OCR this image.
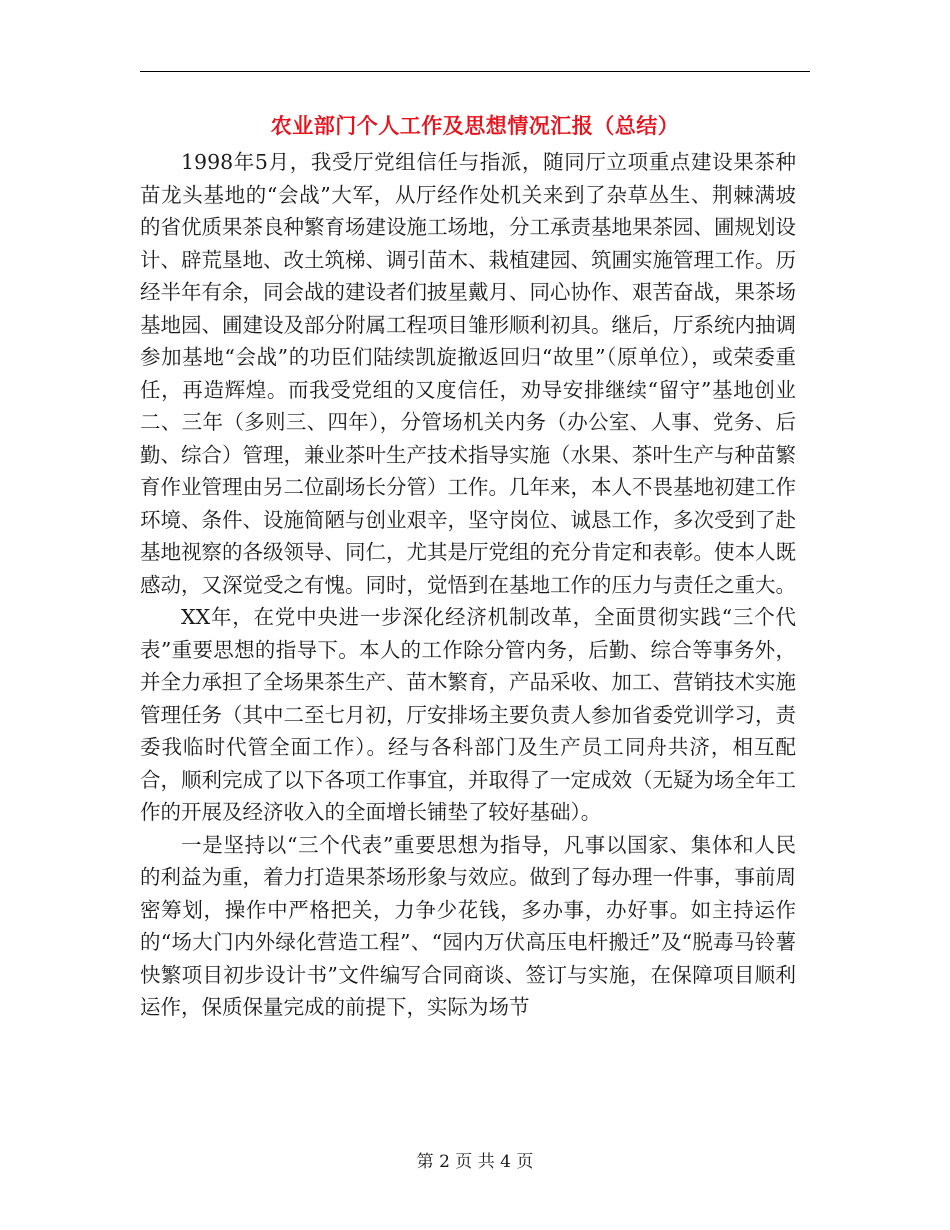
农业部门个人工作及思想情况汇报（总结）

1998年5月，我受厅党组信任与指派，随同厅立项重点建设果茶种苗龙头基地的“会战”大军，从厅经作处机关来到了杂草丛生、荆棘满坡的省优质果茶良种繁育场建设施工场地，分工承责基地果茶园、圃规划设计、辟荒垦地、改土筑梯、调引苗木、栽植建园、筑圃实施管理工作。历经半年有余，同会战的建设者们披星戴月、同心协作、艰苦奋战，果茶场基地园、圃建设及部分附属工程项目雏形顺利初具。继后，厅系统内抽调参加基地“会战”的功臣们陆续凯旋撤返回归“故里”（原单位），或荣委重任，再造辉煌。而我受党组的又度信任，劝导安排继续“留守”基地创业二、三年（多则三、四年），分管场机关内务（办公室、人事、党务、后勤、综合）管理，兼业茶叶生产技术指导实施（水果、茶叶生产与种苗繁育作业管理由另二位副场长分管）工作。几年来，本人不畏基地初建工作环境、条件、设施简陋与创业艰辛，坚守岗位、诚恳工作，多次受到了赴基地视察的各级领导、同仁，尤其是厅党组的充分肯定和表彰。使本人既感动，又深觉受之有愧。同时，觉悟到在基地工作的压力与责任之重大。

XX年，在党中央进一步深化经济机制改革，全面贯彻实践“三个代表”重要思想的指导下。本人的工作除分管内务，后勤、综合等事务外，并全力承担了全场果茶生产、苗木繁育，产品采收、加工、营销技术实施管理任务（其中二至七月初，厅安排场主要负责人参加省委党训学习，责委我临时代管全面工作）。经与各科部门及生产员工同舟共济，相互配合，顺利完成了以下各项工作事宜，并取得了一定成效（无疑为场全年工作的开展及经济收入的全面增长铺垫了较好基础）。

一是坚持以“三个代表”重要思想为指导，凡事以国家、集体和人民的利益为重，着力打造果茶场形象与效应。做到了每办理一件事，事前周密筹划，操作中严格把关，力争少花钱，多办事，办好事。如主持运作的“场大门内外绿化营造工程”、“园内万伏高压电杆搬迁”及“脱毒马铃薯快繁项目初步设计书”文件编写合同商谈、签订与实施，在保障项目顺利运作，保质保量完成的前提下，实际为场节

第 2 页 共 4 页
